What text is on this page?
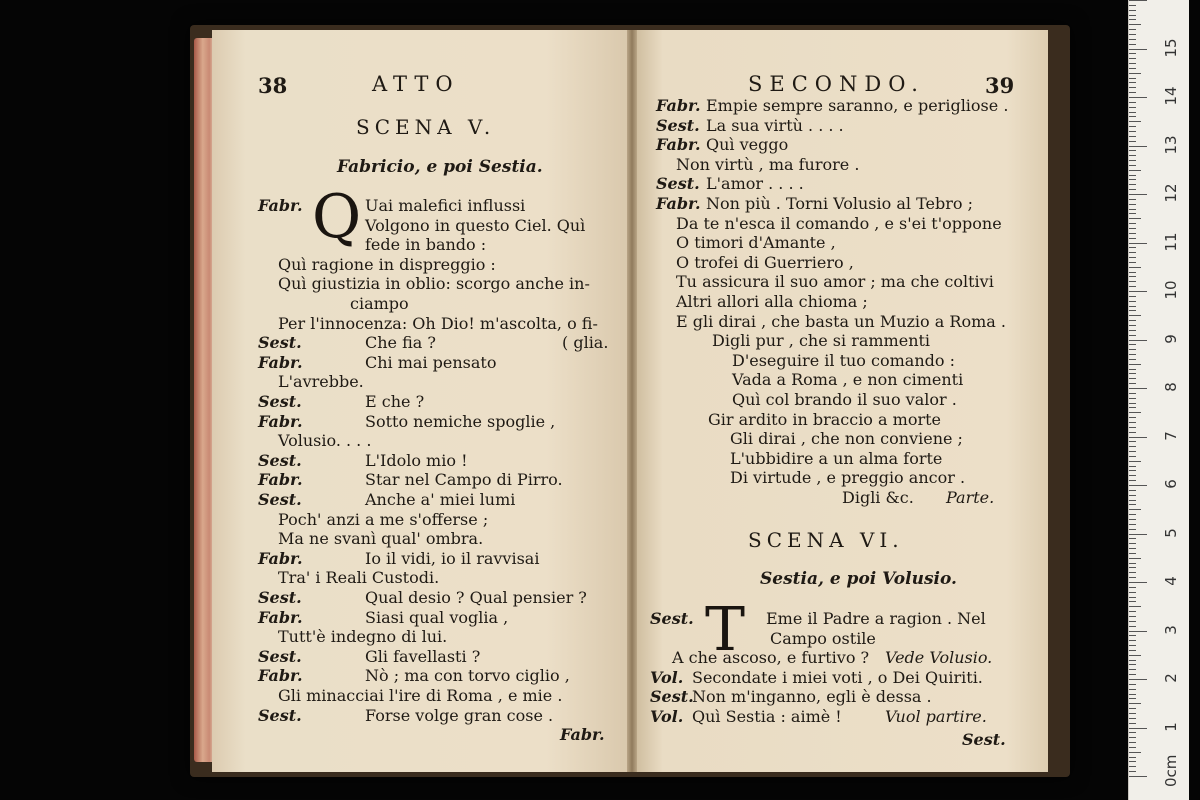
38	ATTO
SCENA V.
Fabricio, e poi Sestia.
Q
Fabr.	Uai malefici influssi
Volgono in questo Ciel. Quì
fede in bando :
Quì ragione in dispreggio :
Quì giustizia in oblio: scorgo anche in-
ciampo
Per l'innocenza: Oh Dio! m'ascolta, o fi-
Sest.	Che fia ?	( glia.
Fabr.	Chi mai pensato
L'avrebbe.
Sest.	E che ?
Fabr.	Sotto nemiche spoglie ,
Volusio. . . .
Sest.	L'Idolo mio !
Fabr.	Star nel Campo di Pirro.
Sest.	Anche a' miei lumi
Poch' anzi a me s'offerse ;
Ma ne svanì qual' ombra.
Fabr.	Io il vidi, io il ravvisai
Tra' i Reali Custodi.
Sest.	Qual desio ? Qual pensier ?
Fabr.	Siasi qual voglia ,
Tutt'è indegno di lui.
Sest.	Gli favellasti ?
Fabr.	Nò ; ma con torvo ciglio ,
Gli minacciai l'ire di Roma , e mie .
Sest.	Forse volge gran cose .
Fabr.
39
SECONDO.
Fabr. Empie sempre saranno, e perigliose .
Sest. La sua virtù . . . .
Fabr. Quì veggo
Non virtù , ma furore .
Sest. L'amor . . . .
Fabr. Non più . Torni Volusio al Tebro ;
Da te n'esca il comando , e s'ei t'oppone
O timori d'Amante ,
O trofei di Guerriero ,
Tu assicura il suo amor ; ma che coltivi
Altri allori alla chioma ;
E gli dirai , che basta un Muzio a Roma .
Digli pur , che si rammenti
D'eseguire il tuo comando :
Vada a Roma , e non cimenti
Quì col brando il suo valor .
Gir ardito in braccio a morte
Gli dirai , che non conviene ;
L'ubbidire a un alma forte
Di virtude , e preggio ancor .
Digli &c. Parte.
SCENA VI.
Sestia, e poi Volusio.
T
Sest.	Eme il Padre a ragion . Nel
Campo ostile
A che ascoso, e furtivo ? Vede Volusio.
Vol. Secondate i miei voti , o Dei Quiriti.
Sest.
Non m'inganno, egli è dessa .
Vol. Quì Sestia : aimè !	Vuol partire.
Sest.
15
14
13
12
11
10
9
8
7
6
5
4
3
2
1
0cm
